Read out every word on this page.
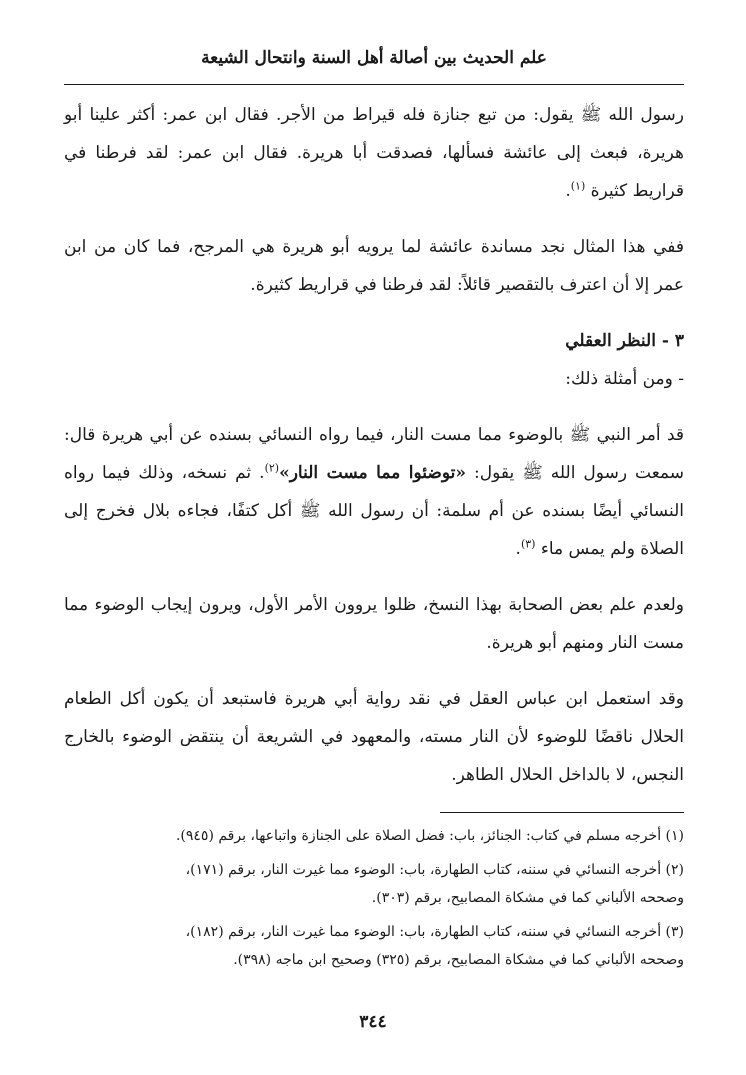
علم الحديث بين أصالة أهل السنة وانتحال الشيعة

رسول الله ﷺ يقول: من تبع جنازة فله قيراط من الأجر. فقال ابن عمر: أكثر علينا أبو هريرة، فبعث إلى عائشة فسألها، فصدقت أبا هريرة. فقال ابن عمر: لقد فرطنا في قراريط كثيرة $^{(١)}$.

ففي هذا المثال نجد مساندة عائشة لما يرويه أبو هريرة هي المرجح، فما كان من ابن عمر إلا أن اعترف بالتقصير قائلاً: لقد فرطنا في قراريط كثيرة.

٣ - النظر العقلي

- ومن أمثلة ذلك:

قد أمر النبي ﷺ بالوضوء مما مست النار، فيما رواه النسائي بسنده عن أبي هريرة قال: سمعت رسول الله ﷺ يقول: «توضئوا مما مست النار»$^{(٢)}$. ثم نسخه، وذلك فيما رواه النسائي أيضًا بسنده عن أم سلمة: أن رسول الله ﷺ أكل كتفًا، فجاءه بلال فخرج إلى الصلاة ولم يمس ماء $^{(٣)}$.

ولعدم علم بعض الصحابة بهذا النسخ، ظلوا يروون الأمر الأول، ويرون إيجاب الوضوء مما مست النار ومنهم أبو هريرة.

وقد استعمل ابن عباس العقل في نقد رواية أبي هريرة فاستبعد أن يكون أكل الطعام الحلال ناقضًا للوضوء لأن النار مسته، والمعهود في الشريعة أن ينتقض الوضوء بالخارج النجس، لا بالداخل الحلال الطاهر.

(١) أخرجه مسلم في كتاب: الجنائز، باب: فضل الصلاة على الجنازة واتباعها، برقم (٩٤٥).

(٢) أخرجه النسائي في سننه، كتاب الطهارة، باب: الوضوء مما غيرت النار، برقم (١٧١)،
وصححه الألباني كما في مشكاة المصابيح، برقم (٣٠٣).

(٣) أخرجه النسائي في سننه، كتاب الطهارة، باب: الوضوء مما غيرت النار، برقم (١٨٢)،
وصححه الألباني كما في مشكاة المصابيح، برقم (٣٢٥) وصحيح ابن ماجه (٣٩٨).

٣٤٤
